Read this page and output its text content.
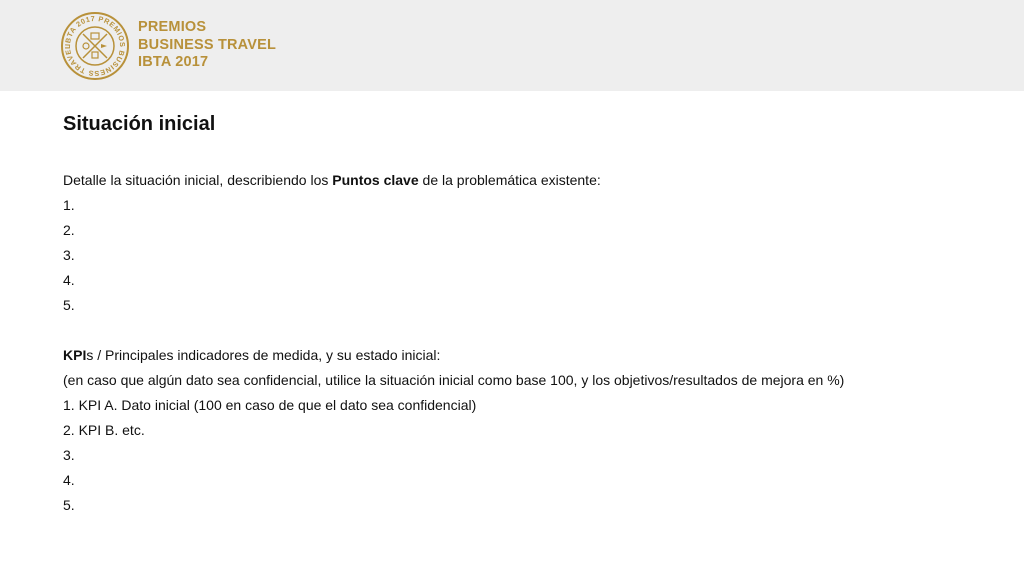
IBTA 2017 PREMIOS BUSINESS TRAVEL
PREMIOS
BUSINESS TRAVEL
IBTA 2017
Situación inicial
Detalle la situación inicial, describiendo los Puntos clave de la problemática existente:
1.
2.
3.
4.
5.
KPIs / Principales indicadores de medida, y su estado inicial:
(en caso que algún dato sea confidencial, utilice la situación inicial como base 100, y los objetivos/resultados de mejora en %)
1. KPI A. Dato inicial (100 en caso de que el dato sea confidencial)
2. KPI B. etc.
3.
4.
5.
